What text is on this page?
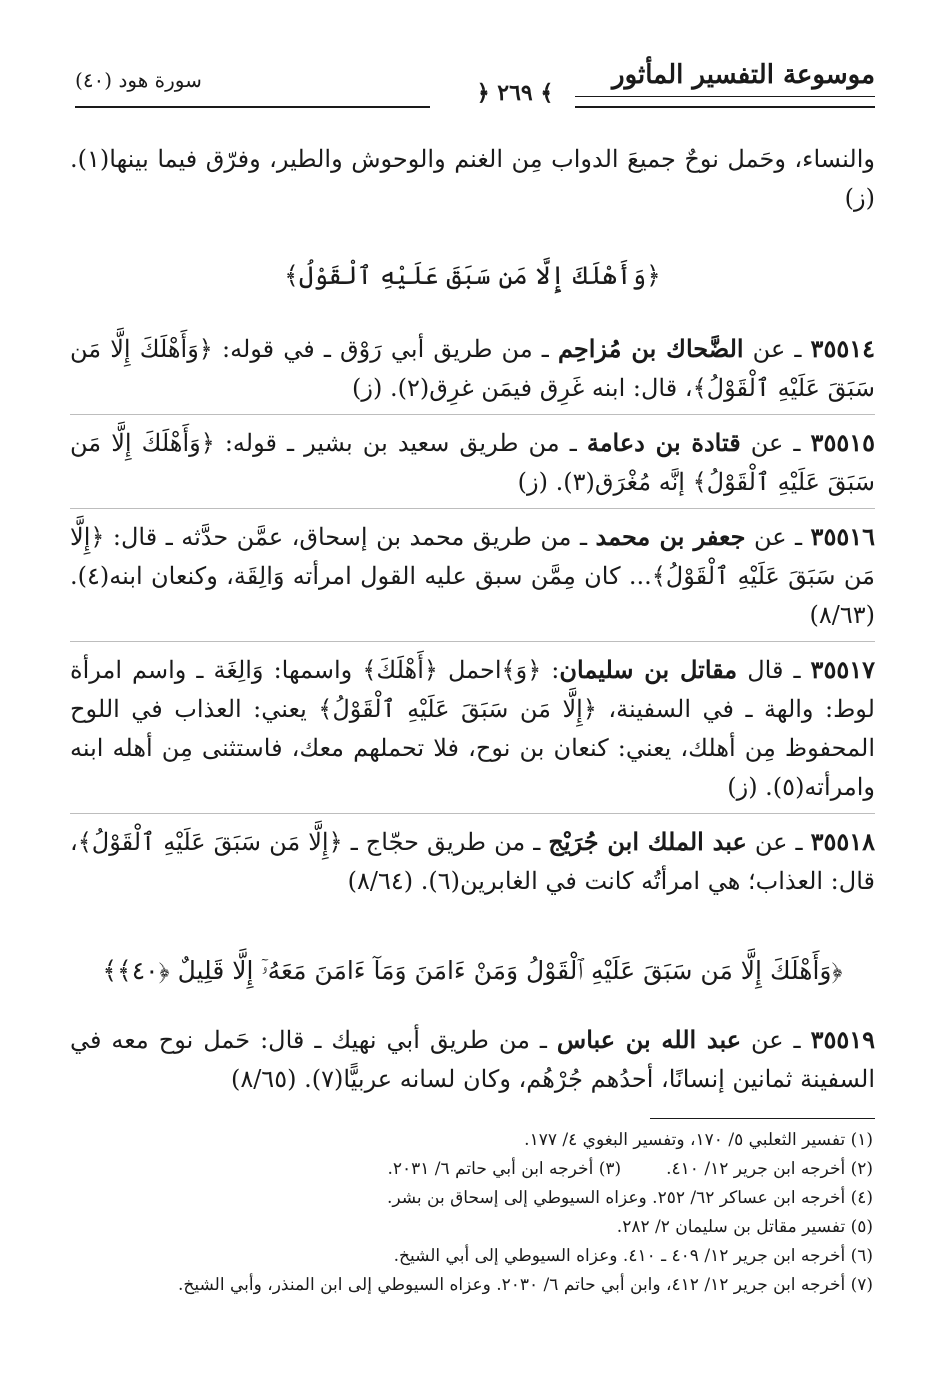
موسوعة التفسير المأثور
﴾ ٢٦٩ ﴿
سورة هود (٤٠)

والنساء، وحَمل نوحٌ جميعَ الدواب مِن الغنم والوحوش والطير، وفرّق فيما بينها(١). (ز)

﴿وَأَهْلَكَ إِلَّا مَن سَبَقَ عَلَيْهِ ٱلْقَوْلُ﴾
٣٥٥١٤ ـ عن الضَّحاك بن مُزاحِم ـ من طريق أبي رَوْق ـ في قوله: ﴿وَأَهْلَكَ إِلَّا مَن سَبَقَ عَلَيْهِ ٱلْقَوْلُ﴾، قال: ابنه غَرِق فيمَن غرِق(٢). (ز)
٣٥٥١٥ ـ عن قتادة بن دعامة ـ من طريق سعيد بن بشير ـ قوله: ﴿وَأَهْلَكَ إِلَّا مَن سَبَقَ عَلَيْهِ ٱلْقَوْلُ﴾ إنَّه مُغْرَق(٣). (ز)
٣٥٥١٦ ـ عن جعفر بن محمد ـ من طريق محمد بن إسحاق، عمَّن حدَّثه ـ قال: ﴿إِلَّا مَن سَبَقَ عَلَيْهِ ٱلْقَوْلُ﴾... كان مِمَّن سبق عليه القول امرأته وَالِقَة، وكنعان ابنه(٤). (٨/٦٣)
٣٥٥١٧ ـ قال مقاتل بن سليمان: ﴿وَ﴾احمل ﴿أَهْلَكَ﴾ واسمها: وَالِغَة ـ واسم امرأة لوط: والهة ـ في السفينة، ﴿إِلَّا مَن سَبَقَ عَلَيْهِ ٱلْقَوْلُ﴾ يعني: العذاب في اللوح المحفوظ مِن أهلك، يعني: كنعان بن نوح، فلا تحملهم معك، فاستثنى مِن أهله ابنه وامرأته(٥). (ز)
٣٥٥١٨ ـ عن عبد الملك ابن جُرَيْج ـ من طريق حجّاج ـ ﴿إِلَّا مَن سَبَقَ عَلَيْهِ ٱلْقَوْلُ﴾، قال: العذاب؛ هي امرأتُه كانت في الغابرين(٦). (٨/٦٤)
﴿وَأَهْلَكَ إِلَّا مَن سَبَقَ عَلَيْهِ ٱلْقَوْلُ وَمَنْ ءَامَنَ وَمَآ ءَامَنَ مَعَهُۥٓ إِلَّا قَلِيلٌ ﴿٤٠﴾﴾
٣٥٥١٩ ـ عن عبد الله بن عباس ـ من طريق أبي نهيك ـ قال: حَمل نوح معه في السفينة ثمانين إنسانًا، أحدُهم جُرْهُم، وكان لسانه عربيًّا(٧). (٨/٦٥)
(١) تفسير الثعلبي ٥/ ١٧٠، وتفسير البغوي ٤/ ١٧٧.
(٢) أخرجه ابن جرير ١٢/ ٤١٠.(٣) أخرجه ابن أبي حاتم ٦/ ٢٠٣١.
(٤) أخرجه ابن عساكر ٦٢/ ٢٥٢. وعزاه السيوطي إلى إسحاق بن بشر.
(٥) تفسير مقاتل بن سليمان ٢/ ٢٨٢.
(٦) أخرجه ابن جرير ١٢/ ٤٠٩ ـ ٤١٠. وعزاه السيوطي إلى أبي الشيخ.
(٧) أخرجه ابن جرير ١٢/ ٤١٢، وابن أبي حاتم ٦/ ٢٠٣٠. وعزاه السيوطي إلى ابن المنذر، وأبي الشيخ.
